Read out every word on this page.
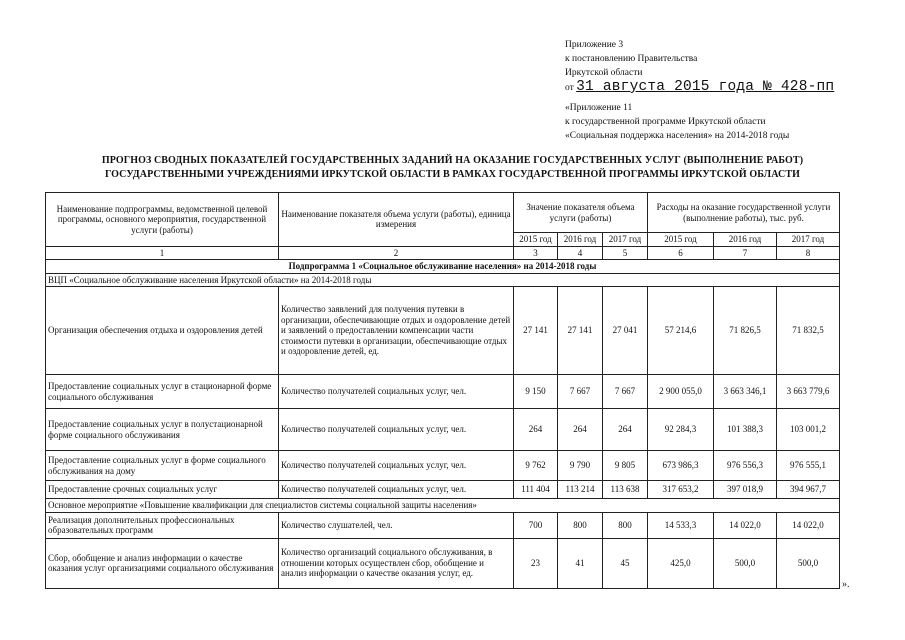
Приложение 3
к постановлению Правительства
Иркутской области
от 31 августа 2015 года № 428-пп
«Приложение 11
к государственной программе Иркутской области
«Социальная поддержка населения» на 2014-2018 годы
ПРОГНОЗ СВОДНЫХ ПОКАЗАТЕЛЕЙ ГОСУДАРСТВЕННЫХ ЗАДАНИЙ НА ОКАЗАНИЕ ГОСУДАРСТВЕННЫХ УСЛУГ (ВЫПОЛНЕНИЕ РАБОТ)
ГОСУДАРСТВЕННЫМИ УЧРЕЖДЕНИЯМИ ИРКУТСКОЙ ОБЛАСТИ В РАМКАХ ГОСУДАРСТВЕННОЙ ПРОГРАММЫ ИРКУТСКОЙ ОБЛАСТИ
Наименование подпрограммы, ведомственной целевой программы, основного мероприятия, государственной услуги (работы)	Наименование показателя объема услуги (работы), единица измерения	Значение показателя объема услуги (работы)			Расходы на оказание государственной услуги (выполнение работы), тыс. руб.		
		2015 год	2016 год	2017 год	2015 год	2016 год	2017 год
1	2	3	4	5	6	7	8
Подпрограмма 1 «Социальное обслуживание населения» на 2014-2018 годы							
ВЦП «Социальное обслуживание населения Иркутской области» на 2014-2018 годы							
Организация обеспечения отдыха и оздоровления детей	Количество заявлений для получения путевки в организации, обеспечивающие отдых и оздоровление детей и заявлений о предоставлении компенсации части стоимости путевки в организации, обеспечивающие отдых и оздоровление детей, ед.	27 141	27 141	27 041	57 214,6	71 826,5	71 832,5
Предоставление социальных услуг в стационарной форме социального обслуживания	Количество получателей социальных услуг, чел.	9 150	7 667	7 667	2 900 055,0	3 663 346,1	3 663 779,6
Предоставление социальных услуг в полустационарной форме социального обслуживания	Количество получателей социальных услуг, чел.	264	264	264	92 284,3	101 388,3	103 001,2
Предоставление социальных услуг в форме социального обслуживания на дому	Количество получателей социальных услуг, чел.	9 762	9 790	9 805	673 986,3	976 556,3	976 555,1
Предоставление срочных социальных услуг	Количество получателей социальных услуг, чел.	111 404	113 214	113 638	317 653,2	397 018,9	394 967,7
Основное мероприятие «Повышение квалификации для специалистов системы социальной защиты населения»							
Реализация дополнительных профессиональных образовательных программ	Количество слушателей, чел.	700	800	800	14 533,3	14 022,0	14 022,0
Сбор, обобщение и анализ информации о качестве оказания услуг организациями социального обслуживания	Количество организаций социального обслуживания, в отношении которых осуществлен сбор, обобщение и анализ информации о качестве оказания услуг, ед.	23	41	45	425,0	500,0	500,0
».
